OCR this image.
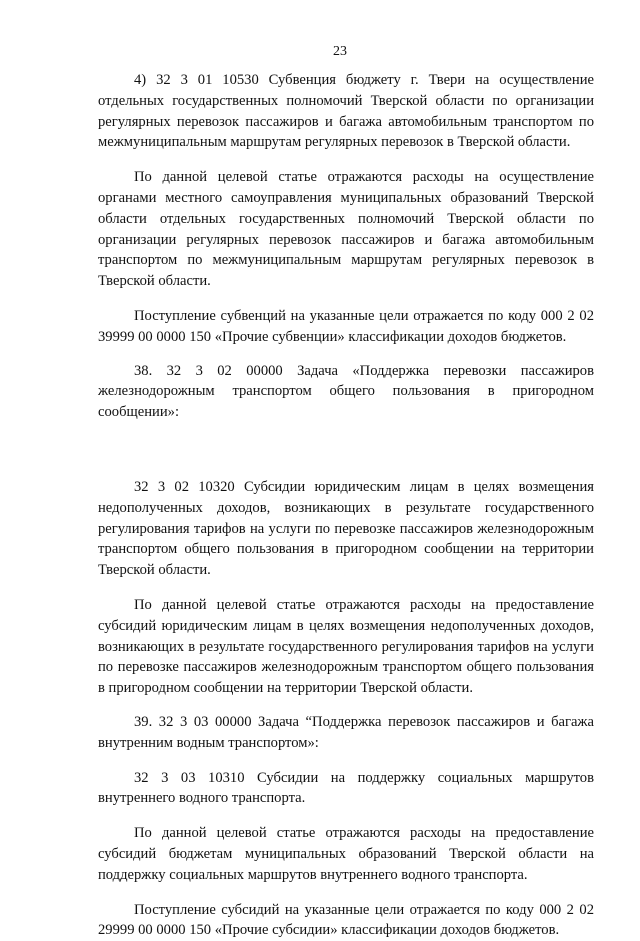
23

4) 32 3 01 10530 Субвенция бюджету г. Твери на осуществление отдельных государственных полномочий Тверской области по организации регулярных перевозок пассажиров и багажа автомобильным транспортом по межмуниципальным маршрутам регулярных перевозок в Тверской области.

По данной целевой статье отражаются расходы на осуществление органами местного самоуправления муниципальных образований Тверской области отдельных государственных полномочий Тверской области по организации регулярных перевозок пассажиров и багажа автомобильным транспортом по межмуниципальным маршрутам регулярных перевозок в Тверской области.

Поступление субвенций на указанные цели отражается по коду 000 2 02 39999 00 0000 150 «Прочие субвенции» классификации доходов бюджетов.

38. 32 3 02 00000 Задача «Поддержка перевозки пассажиров железнодорожным транспортом общего пользования в пригородном сообщении»:

32 3 02 10320 Субсидии юридическим лицам в целях возмещения недополученных доходов, возникающих в результате государственного регулирования тарифов на услуги по перевозке пассажиров железнодорожным транспортом общего пользования в пригородном сообщении на территории Тверской области.

По данной целевой статье отражаются расходы на предоставление субсидий юридическим лицам в целях возмещения недополученных доходов, возникающих в результате государственного регулирования тарифов на услуги по перевозке пассажиров железнодорожным транспортом общего пользования в пригородном сообщении на территории Тверской области.

39. 32 3 03 00000 Задача “Поддержка перевозок пассажиров и багажа внутренним водным транспортом»:

32 3 03 10310 Субсидии на поддержку социальных маршрутов внутреннего водного транспорта.

По данной целевой статье отражаются расходы на предоставление субсидий бюджетам муниципальных образований Тверской области на поддержку социальных маршрутов внутреннего водного транспорта.

Поступление субсидий на указанные цели отражается по коду 000 2 02 29999 00 0000 150 «Прочие субсидии» классификации доходов бюджетов.
